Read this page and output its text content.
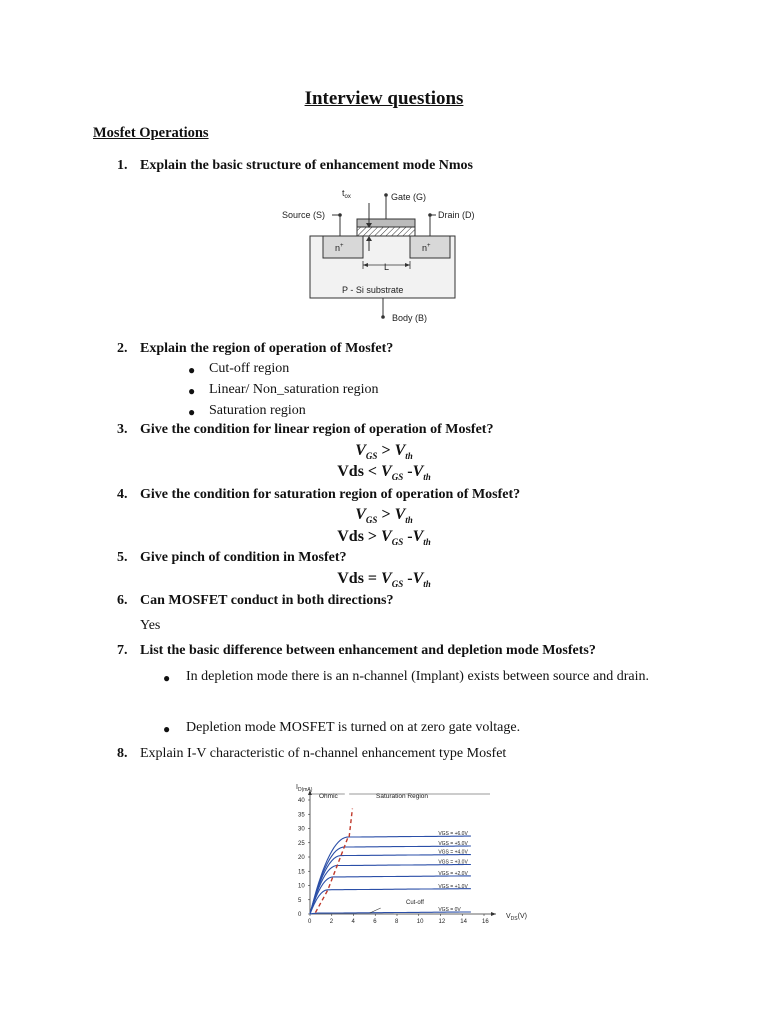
Interview questions
Mosfet Operations
1. Explain the basic structure of enhancement mode Nmos
$t_{ox}$	Gate (G)
Source (S)	Drain (D)
n+	n+
L
P - Si substrate
Body (B)
2. Explain the region of operation of Mosfet?
● Cut-off region
● Linear/ Non_saturation region
● Saturation region
3. Give the condition for linear region of operation of Mosfet?
$V_{GS} > V_{th}$
Vds < $V_{GS}$ $-V_{th}$
4. Give the condition for saturation region of operation of Mosfet?
$V_{GS} > V_{th}$
Vds > $V_{GS}$ $-V_{th}$
5. Give pinch of condition in Mosfet?
Vds = $V_{GS}$ $-V_{th}$
6. Can MOSFET conduct in both directions?
Yes
7. List the basic difference between enhancement and depletion mode Mosfets?
● In depletion mode there is an n-channel (Implant) exists between source and drain.
● Depletion mode MOSFET is turned on at zero gate voltage.
8. Explain I-V characteristic of n-channel enhancement type Mosfet
0	2	4	6	8	10	12	14	16
0
5
10
15
20
25
30
35
40
VGS = +6.0V
VGS = +5.0V
VGS = +4.0V
VGS = +3.0V
VGS = +2.0V
VGS = +1.0V
VGS = 0V
$I_{D(mA)}$
$V_{DS}(V)$
Ohmic	Saturation Region
Cut-off
